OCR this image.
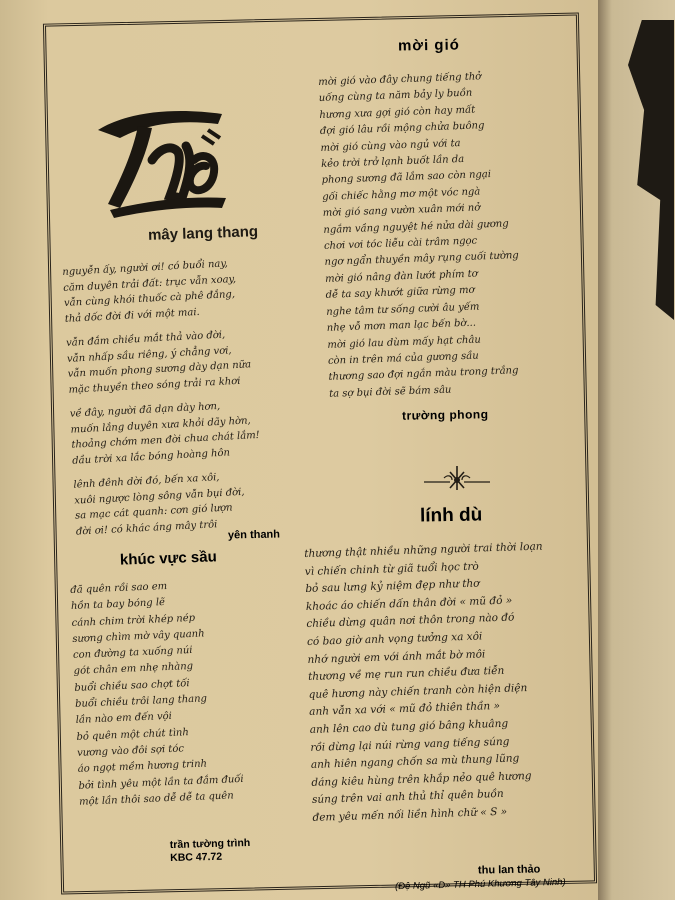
mây lang thang
nguyễn ấy, người ơi! có buổi nay,
căm duyên trải đất: trục vẫn xoay,
vẫn cùng khói thuốc cà phê đắng,
thả dốc đời đi với một mai.
vẫn đắm chiều mắt thả vào đời,
vẫn nhấp sầu riêng, ý chẳng vơi,
vẫn muốn phong sương dày dạn nữa
mặc thuyền theo sóng trải ra khơi
về đây, người đã dạn dày hơn,
muốn lắng duyên xưa khỏi dãy hờn,
thoảng chớm men đời chua chát lắm!
dầu trời xa lắc bóng hoàng hôn
lênh đênh dời đó, bến xa xôi,
xuôi ngược lòng sông vẫn bụi đời,
sa mạc cát quanh: cơn gió lượn
đời ơi! có khác áng mây trôi yên thanh
khúc vực sầu
đã quên rồi sao em
hồn ta bay bóng lẽ
cánh chim trời khép nép
sương chìm mờ vây quanh
con đường ta xuống núi
gót chân em nhẹ nhàng
buổi chiều sao chợt tối
buổi chiều trôi lang thang
lần nào em đến vội
bỏ quên một chút tình
vương vào đôi sợi tóc
áo ngọt mềm hương trinh
bởi tình yêu một lần ta đắm đuối
một lần thôi sao dễ dễ ta quên
trần tường trình
KBC 47.72
mời gió
mời gió vào đây chung tiếng thở
uống cùng ta năm bảy ly buồn
hương xưa gợi gió còn hay mất
đợi gió lâu rồi mộng chửa buông
mời gió cùng vào ngủ với ta
kẻo trời trở lạnh buốt lần da
phong sương đã lắm sao còn ngại
gối chiếc hằng mơ một vóc ngà
mời gió sang vườn xuân mới nở
ngắm vầng nguyệt hé nửa dài gương
chơi vơi tóc liễu cài trâm ngọc
ngơ ngẩn thuyền mây rụng cuối tường
mời gió nâng đàn lướt phím tơ
dễ ta say khướt giữa rừng mơ
nghe tâm tư sống cười âu yếm
nhẹ vỗ mơn man lạc bến bờ...
mời gió lau dùm mấy hạt châu
còn in trên má của gương sầu
thương sao đợi ngắn màu trong trắng
ta sợ bụi đời sẽ bám sâu
trường phong
lính dù
thương thật nhiều những người trai thời loạn
vì chiến chinh từ giã tuổi học trò
bỏ sau lưng kỷ niệm đẹp như thơ
khoác áo chiến dấn thân đời « mũ đỏ »
chiều dừng quân nơi thôn trong nào đó
có bao giờ anh vọng tưởng xa xôi
nhớ người em với ánh mắt bờ môi
thương về mẹ run run chiều đưa tiễn
quê hương này chiến tranh còn hiện diện
anh vẫn xa với « mũ đỏ thiên thần »
anh lên cao dù tung gió bâng khuâng
rồi dừng lại núi rừng vang tiếng súng
anh hiên ngang chốn sa mù thung lũng
dáng kiêu hùng trên khắp nẻo quê hương
súng trên vai anh thủ thỉ quên buồn
đem yêu mến nối liền hình chữ « S »
thu lan thảo
(Đệ Ngũ «D» TH Phú Khương Tây Ninh)
